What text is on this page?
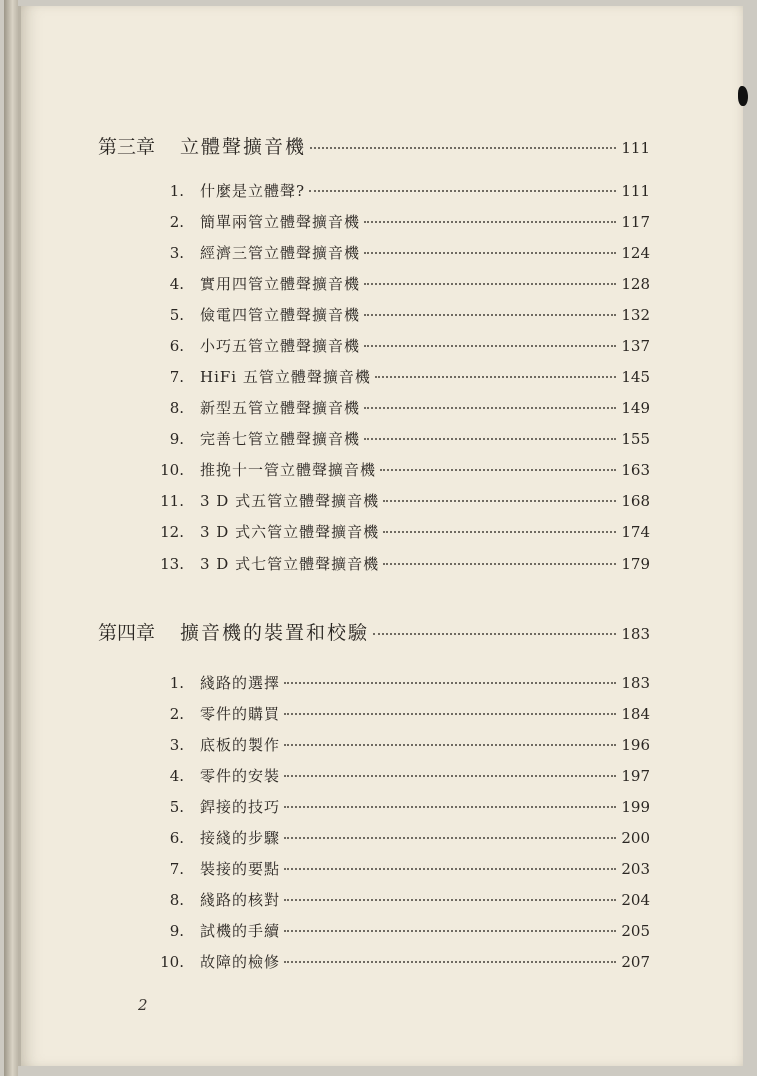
第三章	立體聲擴音機	111
1. 什麼是立體聲?	111
2. 簡單兩管立體聲擴音機	117
3. 經濟三管立體聲擴音機	124
4. 實用四管立體聲擴音機	128
5. 儉電四管立體聲擴音機	132
6. 小巧五管立體聲擴音機	137
7. HiFi 五管立體聲擴音機	145
8. 新型五管立體聲擴音機	149
9. 完善七管立體聲擴音機	155
10. 推挽十一管立體聲擴音機	163
11. 3 D 式五管立體聲擴音機	168
12. 3 D 式六管立體聲擴音機	174
13. 3 D 式七管立體聲擴音機	179
第四章	擴音機的裝置和校驗	183
1. 綫路的選擇	183
2. 零件的購買	184
3. 底板的製作	196
4. 零件的安裝	197
5. 銲接的技巧	199
6. 接綫的步驟	200
7. 裝接的要點	203
8. 綫路的核對	204
9. 試機的手續	205
10. 故障的檢修	207
2
